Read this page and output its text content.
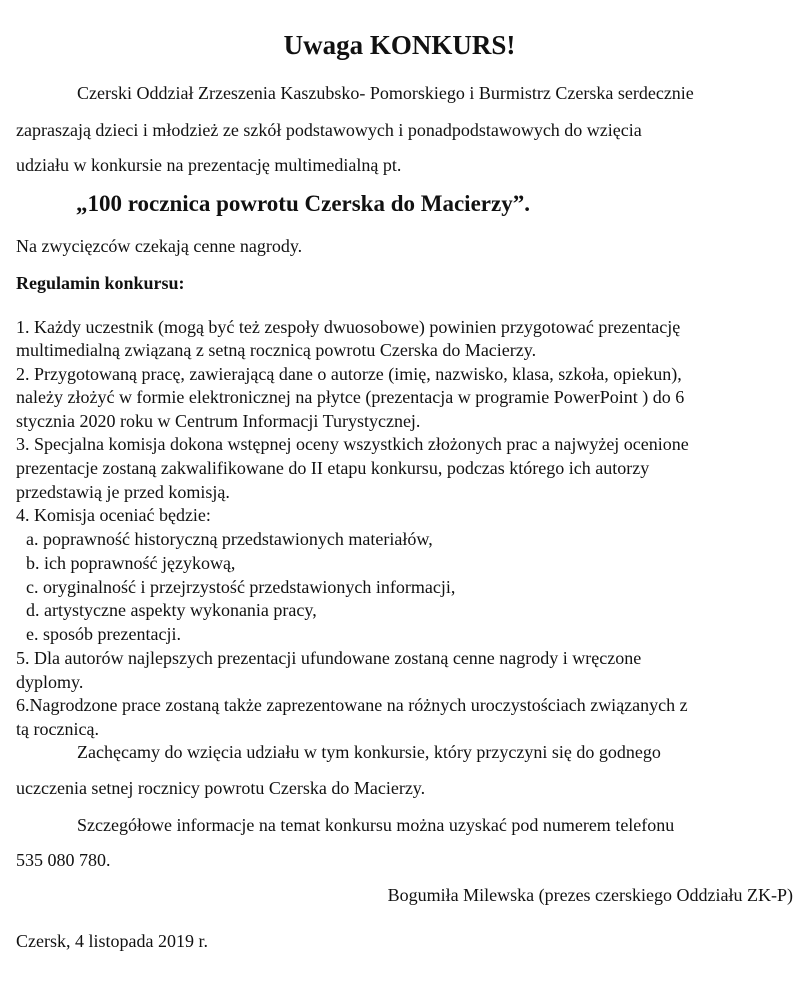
Uwaga KONKURS!
Czerski Oddział Zrzeszenia Kaszubsko- Pomorskiego i Burmistrz Czerska serdecznie
zapraszają dzieci i młodzież ze szkół podstawowych i ponadpodstawowych do wzięcia
udziału w konkursie na prezentację multimedialną pt.
„100 rocznica powrotu Czerska do Macierzy”.
Na zwycięzców czekają cenne nagrody.
Regulamin konkursu:
1. Każdy uczestnik (mogą być też zespoły dwuosobowe) powinien przygotować prezentację
multimedialną związaną z setną rocznicą powrotu Czerska do Macierzy.
2. Przygotowaną pracę, zawierającą dane o autorze (imię, nazwisko, klasa, szkoła, opiekun),
należy złożyć w formie elektronicznej na płytce (prezentacja w programie PowerPoint ) do 6
stycznia 2020 roku w Centrum Informacji Turystycznej.
3. Specjalna komisja dokona wstępnej oceny wszystkich złożonych prac a najwyżej ocenione
prezentacje zostaną zakwalifikowane do II etapu konkursu, podczas którego ich autorzy
przedstawią je przed komisją.
4. Komisja oceniać będzie:
a. poprawność historyczną przedstawionych materiałów,
b. ich poprawność językową,
c. oryginalność i przejrzystość przedstawionych informacji,
d. artystyczne aspekty wykonania pracy,
e. sposób prezentacji.
5. Dla autorów najlepszych prezentacji ufundowane zostaną cenne nagrody i wręczone
dyplomy.
6.Nagrodzone prace zostaną także zaprezentowane na różnych uroczystościach związanych z
tą rocznicą.
Zachęcamy do wzięcia udziału w tym konkursie, który przyczyni się do godnego
uczczenia setnej rocznicy powrotu Czerska do Macierzy.
Szczegółowe informacje na temat konkursu można uzyskać pod numerem telefonu
535 080 780.
Bogumiła Milewska (prezes czerskiego Oddziału ZK-P)
Czersk, 4 listopada 2019 r.
